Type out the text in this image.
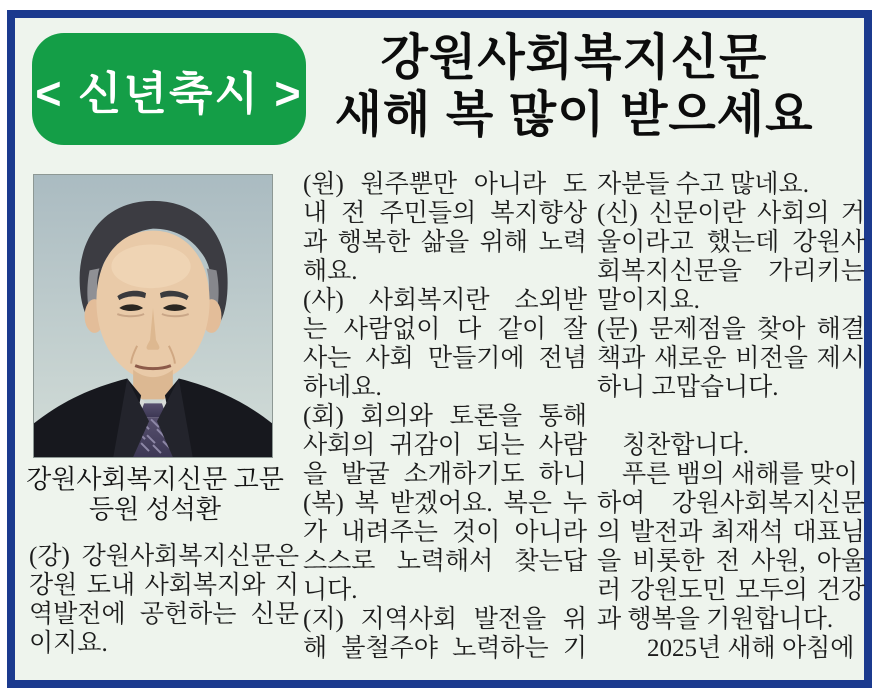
< 신년축시 >
강원사회복지신문
새해 복 많이 받으세요
강원사회복지신문 고문
등원 성석환
(강) 강원사회복지신문은
강원 도내 사회복지와 지
역발전에 공헌하는 신문
이지요.
(원) 원주뿐만 아니라 도
내 전 주민들의 복지향상
과 행복한 삶을 위해 노력
해요.
(사) 사회복지란 소외받
는 사람없이 다 같이 잘
사는 사회 만들기에 전념
하네요.
(회) 회의와 토론을 통해
사회의 귀감이 되는 사람
을 발굴 소개하기도 하니
(복) 복 받겠어요. 복은 누
가 내려주는 것이 아니라
스스로 노력해서 찾는답
니다.
(지) 지역사회 발전을 위
해 불철주야 노력하는 기
자분들 수고 많네요.
(신) 신문이란 사회의 거
울이라고 했는데 강원사
회복지신문을 가리키는
말이지요.
(문) 문제점을 찾아 해결
책과 새로운 비전을 제시
하니 고맙습니다.

　칭찬합니다.
　푸른 뱀의 새해를 맞이
하여 강원사회복지신문
의 발전과 최재석 대표님
을 비롯한 전 사원, 아울
러 강원도민 모두의 건강
과 행복을 기원합니다.
　　2025년 새해 아침에
